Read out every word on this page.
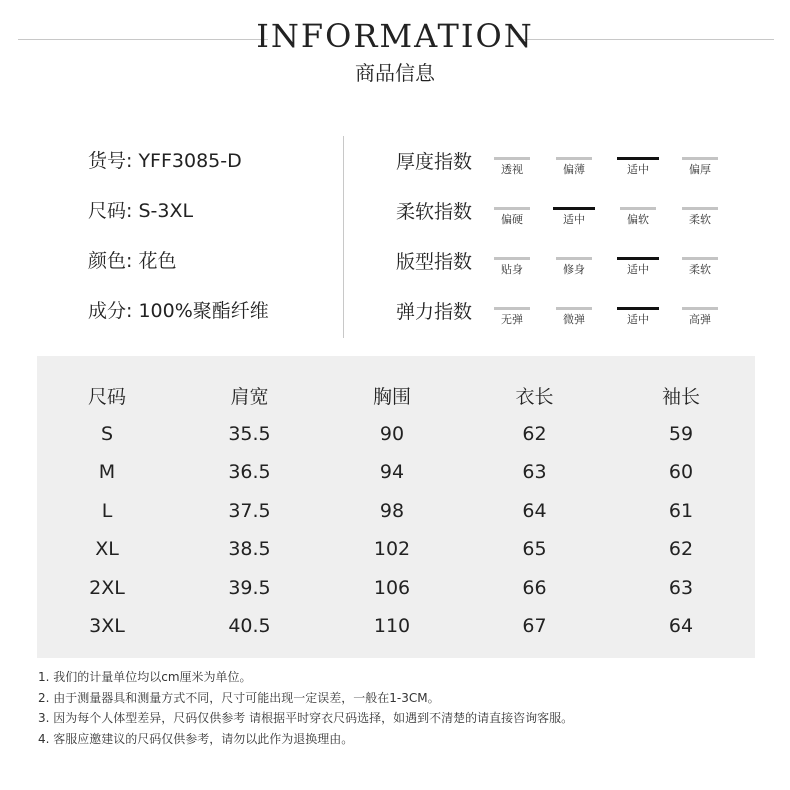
INFORMATION
商品信息
货号: YFF3085-D
尺码: S-3XL
颜色: 花色
成分: 100%聚酯纤维
厚度指数	透视	偏薄	适中	偏厚
柔软指数	偏硬	适中	偏软	柔软
版型指数	贴身	修身	适中	柔软
弹力指数	无弹	微弹	适中	高弹
尺码	肩宽	胸围	衣长	袖长
S	35.5	90	62	59
M	36.5	94	63	60
L	37.5	98	64	61
XL	38.5	102	65	62
2XL	39.5	106	66	63
3XL	40.5	110	67	64
1. 我们的计量单位均以cm厘米为单位。
2. 由于测量器具和测量方式不同，尺寸可能出现一定误差，一般在1-3CM。
3. 因为每个人体型差异，尺码仅供参考 请根据平时穿衣尺码选择，如遇到不清楚的请直接咨询客服。
4. 客服应邀建议的尺码仅供参考，请勿以此作为退换理由。
